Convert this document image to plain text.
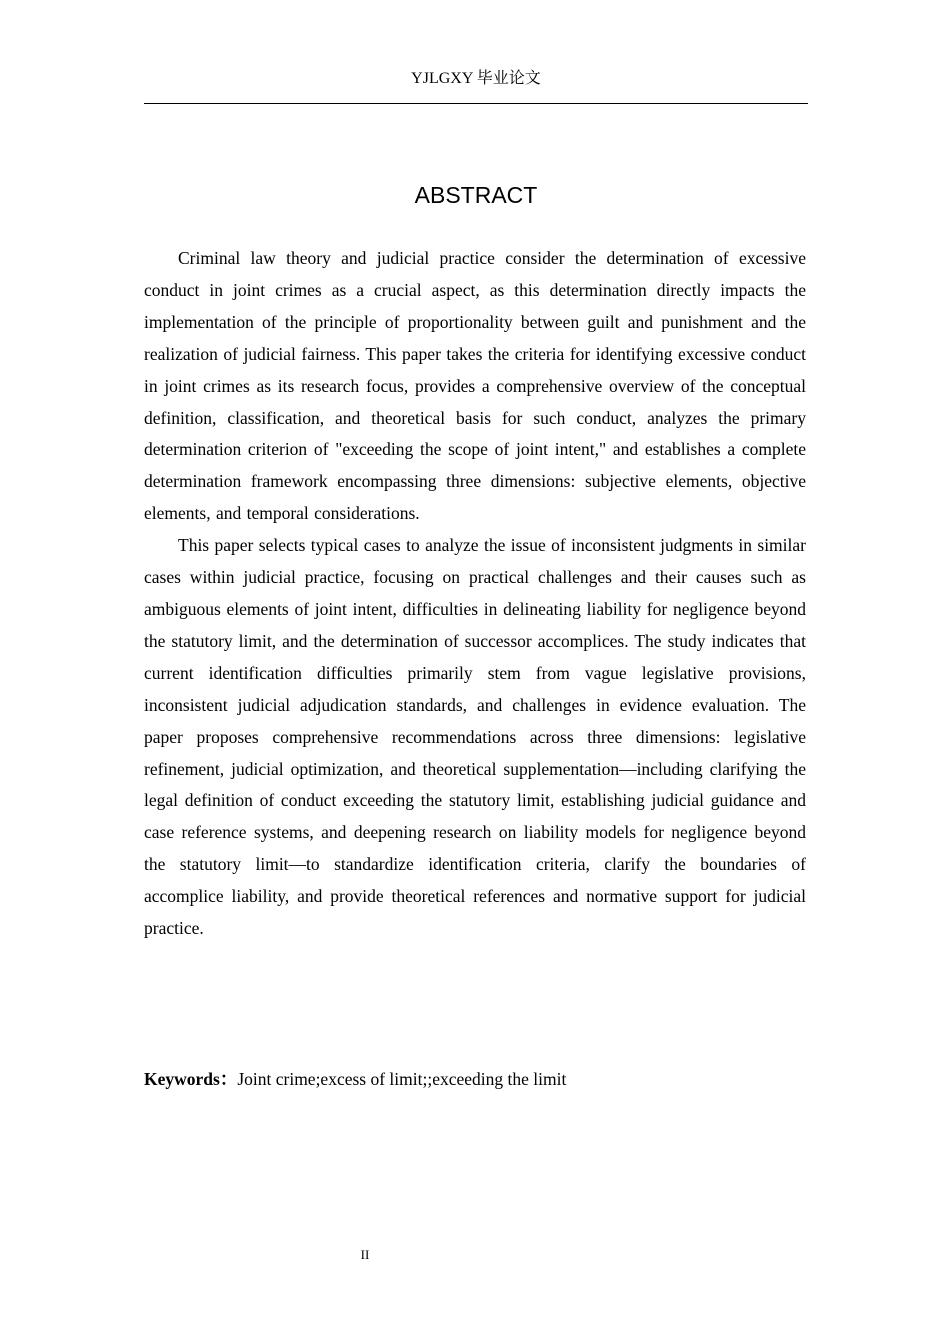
YJLGXY 毕业论文
ABSTRACT

Criminal law theory and judicial practice consider the determination of excessive conduct in joint crimes as a crucial aspect, as this determination directly impacts the implementation of the principle of proportionality between guilt and punishment and the realization of judicial fairness. This paper takes the criteria for identifying excessive conduct in joint crimes as its research focus, provides a comprehensive overview of the conceptual definition, classification, and theoretical basis for such conduct, analyzes the primary determination criterion of "exceeding the scope of joint intent," and establishes a complete determination framework encompassing three dimensions: subjective elements, objective elements, and temporal considerations.

This paper selects typical cases to analyze the issue of inconsistent judgments in similar cases within judicial practice, focusing on practical challenges and their causes such as ambiguous elements of joint intent, difficulties in delineating liability for negligence beyond the statutory limit, and the determination of successor accomplices. The study indicates that current identification difficulties primarily stem from vague legislative provisions, inconsistent judicial adjudication standards, and challenges in evidence evaluation. The paper proposes comprehensive recommendations across three dimensions: legislative refinement, judicial optimization, and theoretical supplementation—including clarifying the legal definition of conduct exceeding the statutory limit, establishing judicial guidance and case reference systems, and deepening research on liability models for negligence beyond the statutory limit—to standardize identification criteria, clarify the boundaries of accomplice liability, and provide theoretical references and normative support for judicial practice.

Keywords：Joint crime;excess of limit;;exceeding the limit
II
